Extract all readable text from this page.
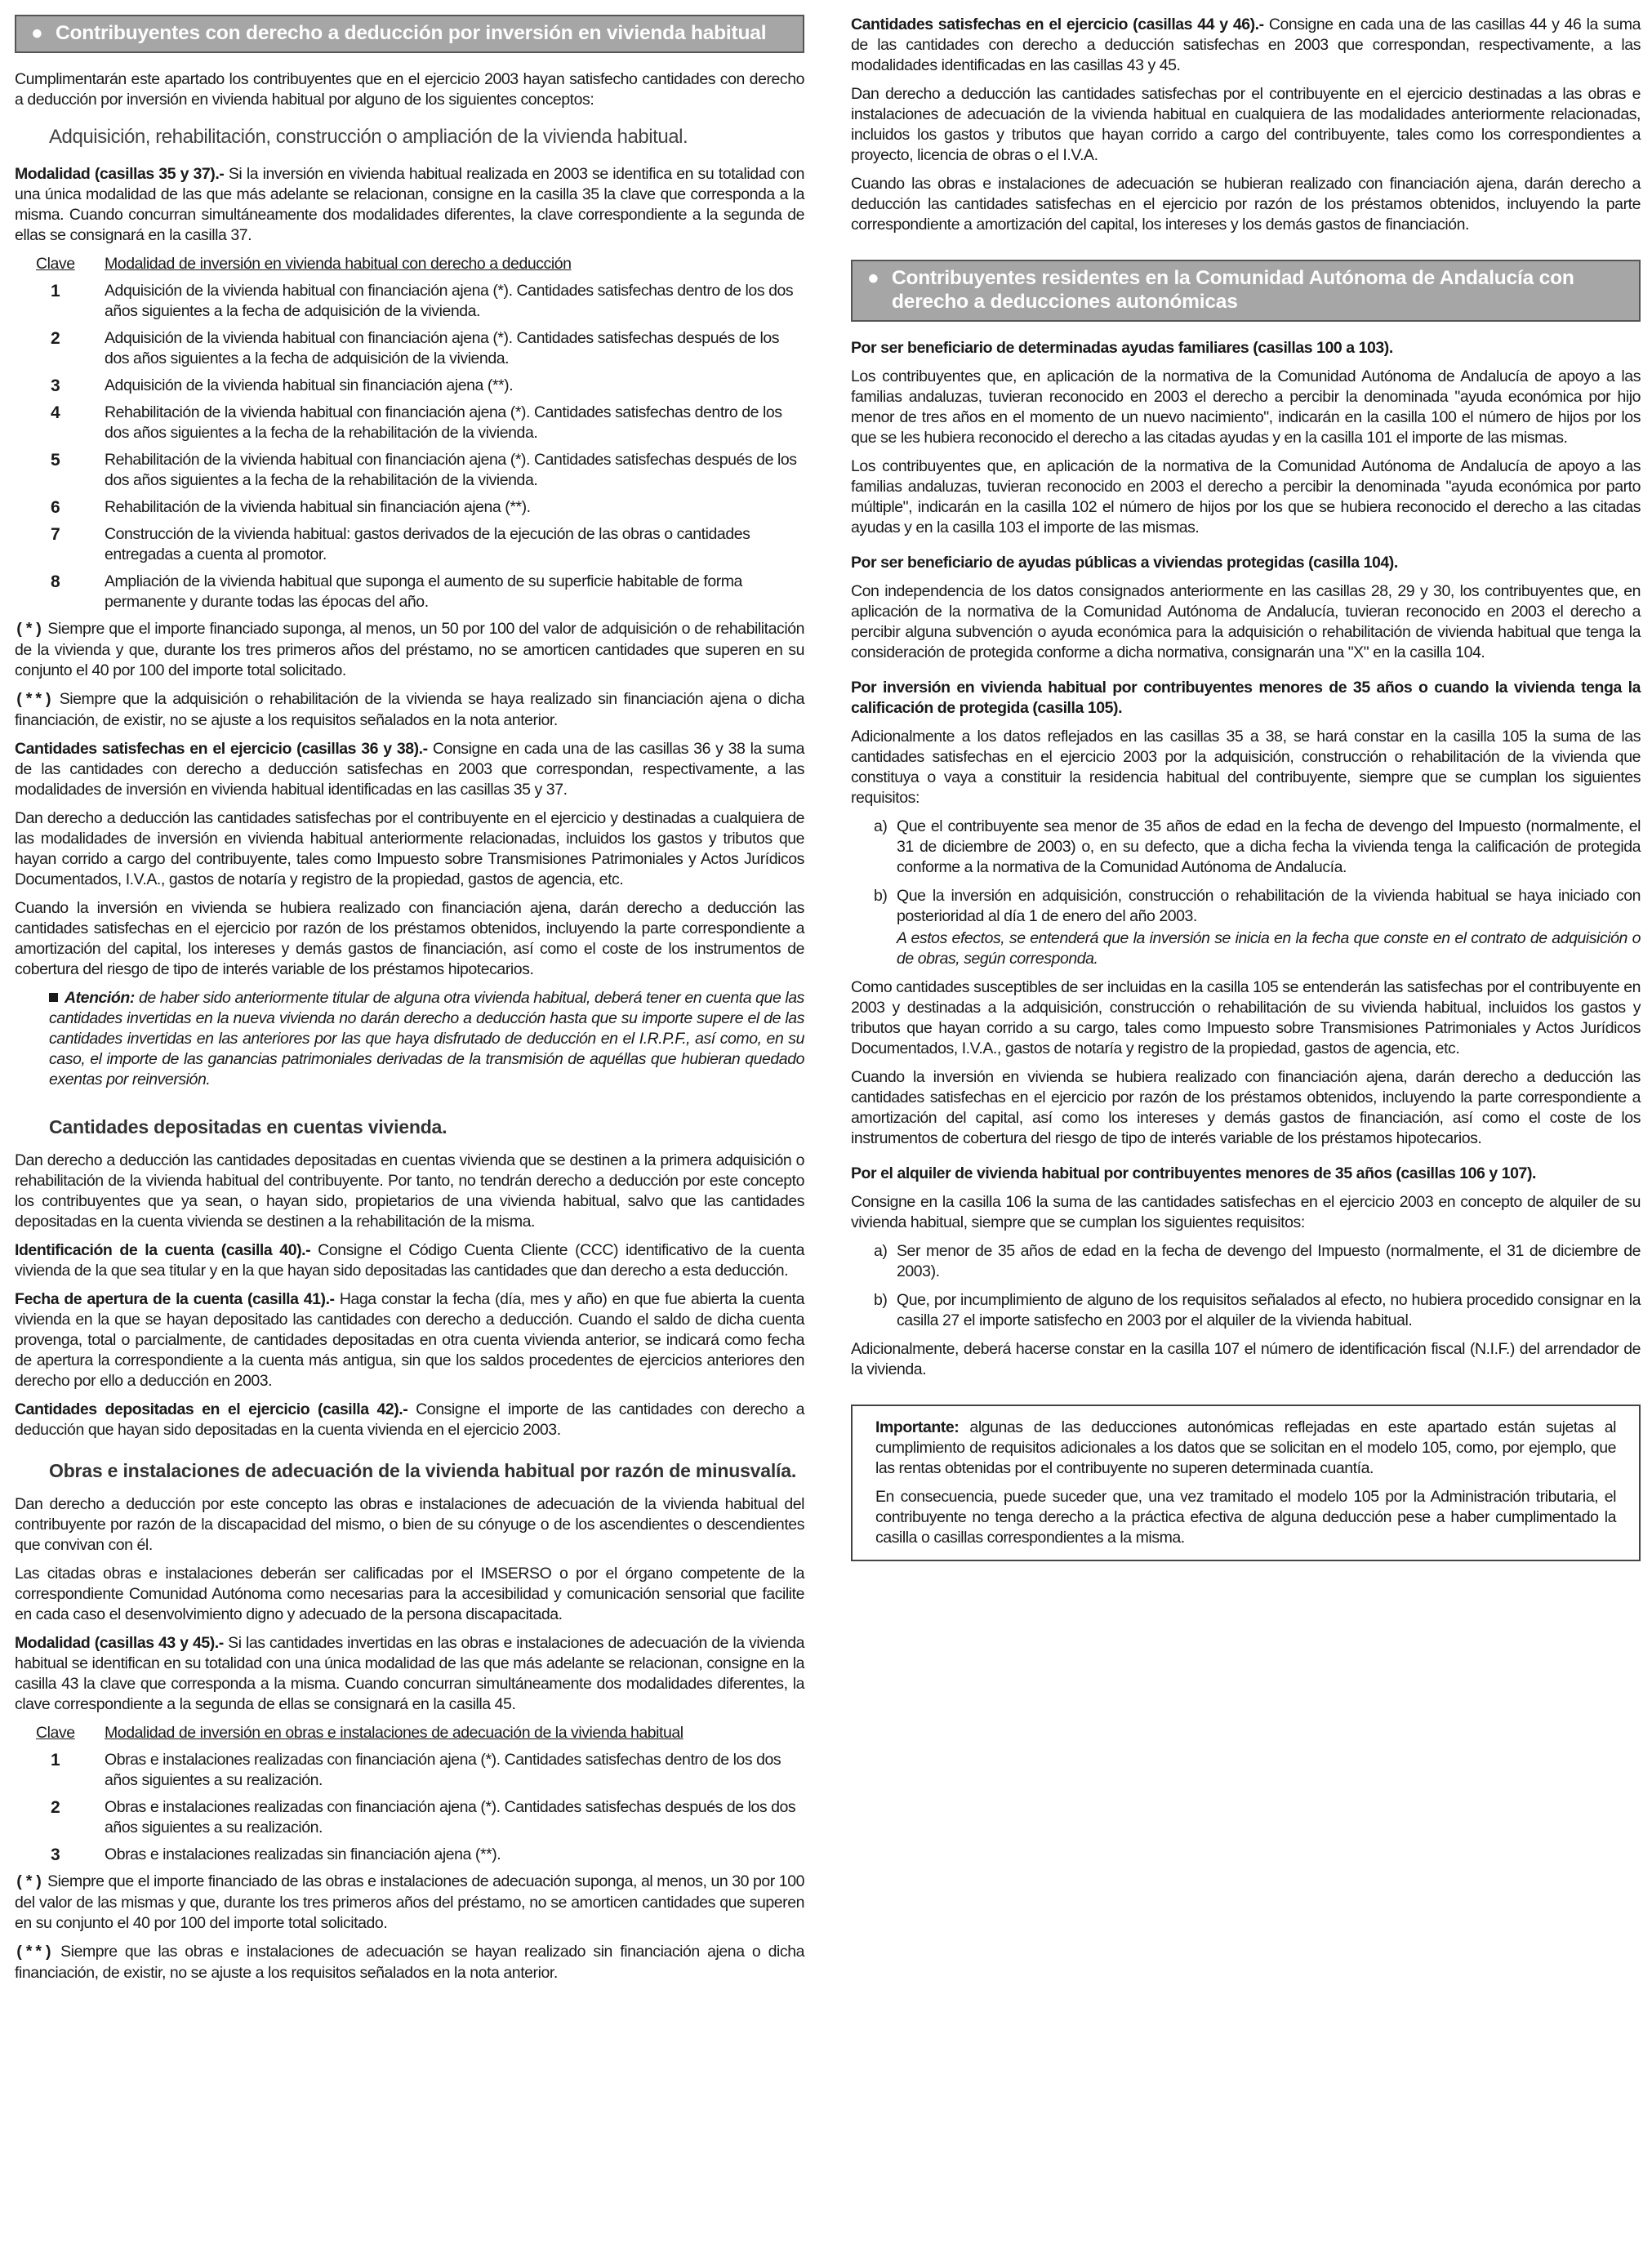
● Contribuyentes con derecho a deducción por inversión en vivienda habitual

Cumplimentarán este apartado los contribuyentes que en el ejercicio 2003 hayan satisfecho cantidades con derecho a deducción por inversión en vivienda habitual por alguno de los siguientes conceptos:

Adquisición, rehabilitación, construcción o ampliación de la vivienda habitual.

Modalidad (casillas 35 y 37).- Si la inversión en vivienda habitual realizada en 2003 se identifica en su totalidad con una única modalidad de las que más adelante se relacionan, consigne en la casilla 35 la clave que corresponda a la misma. Cuando concurran simultáneamente dos modalidades diferentes, la clave correspondiente a la segunda de ellas se consignará en la casilla 37.

Clave	Modalidad de inversión en vivienda habitual con derecho a deducción
1	Adquisición de la vivienda habitual con financiación ajena (*). Cantidades satisfechas dentro de los dos años siguientes a la fecha de adquisición de la vivienda.
2	Adquisición de la vivienda habitual con financiación ajena (*). Cantidades satisfechas después de los dos años siguientes a la fecha de adquisición de la vivienda.
3	Adquisición de la vivienda habitual sin financiación ajena (**).
4	Rehabilitación de la vivienda habitual con financiación ajena (*). Cantidades satisfechas dentro de los dos años siguientes a la fecha de la rehabilitación de la vivienda.
5	Rehabilitación de la vivienda habitual con financiación ajena (*). Cantidades satisfechas después de los dos años siguientes a la fecha de la rehabilitación de la vivienda.
6	Rehabilitación de la vivienda habitual sin financiación ajena (**).
7	Construcción de la vivienda habitual: gastos derivados de la ejecución de las obras o cantidades entregadas a cuenta al promotor.
8	Ampliación de la vivienda habitual que suponga el aumento de su superficie habitable de forma permanente y durante todas las épocas del año.

(*) Siempre que el importe financiado suponga, al menos, un 50 por 100 del valor de adquisición o de rehabilitación de la vivienda y que, durante los tres primeros años del préstamo, no se amorticen cantidades que superen en su conjunto el 40 por 100 del importe total solicitado.

(**) Siempre que la adquisición o rehabilitación de la vivienda se haya realizado sin financiación ajena o dicha financiación, de existir, no se ajuste a los requisitos señalados en la nota anterior.

Cantidades satisfechas en el ejercicio (casillas 36 y 38).- Consigne en cada una de las casillas 36 y 38 la suma de las cantidades con derecho a deducción satisfechas en 2003 que correspondan, respectivamente, a las modalidades de inversión en vivienda habitual identificadas en las casillas 35 y 37.

Dan derecho a deducción las cantidades satisfechas por el contribuyente en el ejercicio y destinadas a cualquiera de las modalidades de inversión en vivienda habitual anteriormente relacionadas, incluidos los gastos y tributos que hayan corrido a cargo del contribuyente, tales como Impuesto sobre Transmisiones Patrimoniales y Actos Jurídicos Documentados, I.V.A., gastos de notaría y registro de la propiedad, gastos de agencia, etc.

Cuando la inversión en vivienda se hubiera realizado con financiación ajena, darán derecho a deducción las cantidades satisfechas en el ejercicio por razón de los préstamos obtenidos, incluyendo la parte correspondiente a amortización del capital, los intereses y demás gastos de financiación, así como el coste de los instrumentos de cobertura del riesgo de tipo de interés variable de los préstamos hipotecarios.

Atención: de haber sido anteriormente titular de alguna otra vivienda habitual, deberá tener en cuenta que las cantidades invertidas en la nueva vivienda no darán derecho a deducción hasta que su importe supere el de las cantidades invertidas en las anteriores por las que haya disfrutado de deducción en el I.R.P.F., así como, en su caso, el importe de las ganancias patrimoniales derivadas de la transmisión de aquéllas que hubieran quedado exentas por reinversión.
Cantidades depositadas en cuentas vivienda.

Dan derecho a deducción las cantidades depositadas en cuentas vivienda que se destinen a la primera adquisición o rehabilitación de la vivienda habitual del contribuyente. Por tanto, no tendrán derecho a deducción por este concepto los contribuyentes que ya sean, o hayan sido, propietarios de una vivienda habitual, salvo que las cantidades depositadas en la cuenta vivienda se destinen a la rehabilitación de la misma.

Identificación de la cuenta (casilla 40).- Consigne el Código Cuenta Cliente (CCC) identificativo de la cuenta vivienda de la que sea titular y en la que hayan sido depositadas las cantidades que dan derecho a esta deducción.

Fecha de apertura de la cuenta (casilla 41).- Haga constar la fecha (día, mes y año) en que fue abierta la cuenta vivienda en la que se hayan depositado las cantidades con derecho a deducción. Cuando el saldo de dicha cuenta provenga, total o parcialmente, de cantidades depositadas en otra cuenta vivienda anterior, se indicará como fecha de apertura la correspondiente a la cuenta más antigua, sin que los saldos procedentes de ejercicios anteriores den derecho por ello a deducción en 2003.

Cantidades depositadas en el ejercicio (casilla 42).- Consigne el importe de las cantidades con derecho a deducción que hayan sido depositadas en la cuenta vivienda en el ejercicio 2003.

Obras e instalaciones de adecuación de la vivienda habitual por razón de minusvalía.

Dan derecho a deducción por este concepto las obras e instalaciones de adecuación de la vivienda habitual del contribuyente por razón de la discapacidad del mismo, o bien de su cónyuge o de los ascendientes o descendientes que convivan con él.

Las citadas obras e instalaciones deberán ser calificadas por el IMSERSO o por el órgano competente de la correspondiente Comunidad Autónoma como necesarias para la accesibilidad y comunicación sensorial que facilite en cada caso el desenvolvimiento digno y adecuado de la persona discapacitada.

Modalidad (casillas 43 y 45).- Si las cantidades invertidas en las obras e instalaciones de adecuación de la vivienda habitual se identifican en su totalidad con una única modalidad de las que más adelante se relacionan, consigne en la casilla 43 la clave que corresponda a la misma. Cuando concurran simultáneamente dos modalidades diferentes, la clave correspondiente a la segunda de ellas se consignará en la casilla 45.

Clave	Modalidad de inversión en obras e instalaciones de adecuación de la vivienda habitual
1	Obras e instalaciones realizadas con financiación ajena (*). Cantidades satisfechas dentro de los dos años siguientes a su realización.
2	Obras e instalaciones realizadas con financiación ajena (*). Cantidades satisfechas después de los dos años siguientes a su realización.
3	Obras e instalaciones realizadas sin financiación ajena (**).

(*) Siempre que el importe financiado de las obras e instalaciones de adecuación suponga, al menos, un 30 por 100 del valor de las mismas y que, durante los tres primeros años del préstamo, no se amorticen cantidades que superen en su conjunto el 40 por 100 del importe total solicitado.

(**) Siempre que las obras e instalaciones de adecuación se hayan realizado sin financiación ajena o dicha financiación, de existir, no se ajuste a los requisitos señalados en la nota anterior.

Cantidades satisfechas en el ejercicio (casillas 44 y 46).- Consigne en cada una de las casillas 44 y 46 la suma de las cantidades con derecho a deducción satisfechas en 2003 que correspondan, respectivamente, a las modalidades identificadas en las casillas 43 y 45.

Dan derecho a deducción las cantidades satisfechas por el contribuyente en el ejercicio destinadas a las obras e instalaciones de adecuación de la vivienda habitual en cualquiera de las modalidades anteriormente relacionadas, incluidos los gastos y tributos que hayan corrido a cargo del contribuyente, tales como los correspondientes a proyecto, licencia de obras o el I.V.A.

Cuando las obras e instalaciones de adecuación se hubieran realizado con financiación ajena, darán derecho a deducción las cantidades satisfechas en el ejercicio por razón de los préstamos obtenidos, incluyendo la parte correspondiente a amortización del capital, los intereses y los demás gastos de financiación.

● Contribuyentes residentes en la Comunidad Autónoma de Andalucía con derecho a deducciones autonómicas

Por ser beneficiario de determinadas ayudas familiares (casillas 100 a 103).

Los contribuyentes que, en aplicación de la normativa de la Comunidad Autónoma de Andalucía de apoyo a las familias andaluzas, tuvieran reconocido en 2003 el derecho a percibir la denominada "ayuda económica por hijo menor de tres años en el momento de un nuevo nacimiento", indicarán en la casilla 100 el número de hijos por los que se les hubiera reconocido el derecho a las citadas ayudas y en la casilla 101 el importe de las mismas.

Los contribuyentes que, en aplicación de la normativa de la Comunidad Autónoma de Andalucía de apoyo a las familias andaluzas, tuvieran reconocido en 2003 el derecho a percibir la denominada "ayuda económica por parto múltiple", indicarán en la casilla 102 el número de hijos por los que se hubiera reconocido el derecho a las citadas ayudas y en la casilla 103 el importe de las mismas.

Por ser beneficiario de ayudas públicas a viviendas protegidas (casilla 104).

Con independencia de los datos consignados anteriormente en las casillas 28, 29 y 30, los contribuyentes que, en aplicación de la normativa de la Comunidad Autónoma de Andalucía, tuvieran reconocido en 2003 el derecho a percibir alguna subvención o ayuda económica para la adquisición o rehabilitación de vivienda habitual que tenga la consideración de protegida conforme a dicha normativa, consignarán una "X" en la casilla 104.

Por inversión en vivienda habitual por contribuyentes menores de 35 años o cuando la vivienda tenga la calificación de protegida (casilla 105).

Adicionalmente a los datos reflejados en las casillas 35 a 38, se hará constar en la casilla 105 la suma de las cantidades satisfechas en el ejercicio 2003 por la adquisición, construcción o rehabilitación de la vivienda que constituya o vaya a constituir la residencia habitual del contribuyente, siempre que se cumplan los siguientes requisitos:

a) Que el contribuyente sea menor de 35 años de edad en la fecha de devengo del Impuesto (normalmente, el 31 de diciembre de 2003) o, en su defecto, que a dicha fecha la vivienda tenga la calificación de protegida conforme a la normativa de la Comunidad Autónoma de Andalucía.
b) Que la inversión en adquisición, construcción o rehabilitación de la vivienda habitual se haya iniciado con posterioridad al día 1 de enero del año 2003.
A estos efectos, se entenderá que la inversión se inicia en la fecha que conste en el contrato de adquisición o de obras, según corresponda.

Como cantidades susceptibles de ser incluidas en la casilla 105 se entenderán las satisfechas por el contribuyente en 2003 y destinadas a la adquisición, construcción o rehabilitación de su vivienda habitual, incluidos los gastos y tributos que hayan corrido a su cargo, tales como Impuesto sobre Transmisiones Patrimoniales y Actos Jurídicos Documentados, I.V.A., gastos de notaría y registro de la propiedad, gastos de agencia, etc.

Cuando la inversión en vivienda se hubiera realizado con financiación ajena, darán derecho a deducción las cantidades satisfechas en el ejercicio por razón de los préstamos obtenidos, incluyendo la parte correspondiente a amortización del capital, así como los intereses y demás gastos de financiación, así como el coste de los instrumentos de cobertura del riesgo de tipo de interés variable de los préstamos hipotecarios.

Por el alquiler de vivienda habitual por contribuyentes menores de 35 años (casillas 106 y 107).

Consigne en la casilla 106 la suma de las cantidades satisfechas en el ejercicio 2003 en concepto de alquiler de su vivienda habitual, siempre que se cumplan los siguientes requisitos:

a) Ser menor de 35 años de edad en la fecha de devengo del Impuesto (normalmente, el 31 de diciembre de 2003).
b) Que, por incumplimiento de alguno de los requisitos señalados al efecto, no hubiera procedido consignar en la casilla 27 el importe satisfecho en 2003 por el alquiler de la vivienda habitual.

Adicionalmente, deberá hacerse constar en la casilla 107 el número de identificación fiscal (N.I.F.) del arrendador de la vivienda.

Importante: algunas de las deducciones autonómicas reflejadas en este apartado están sujetas al cumplimiento de requisitos adicionales a los datos que se solicitan en el modelo 105, como, por ejemplo, que las rentas obtenidas por el contribuyente no superen determinada cuantía.

En consecuencia, puede suceder que, una vez tramitado el modelo 105 por la Administración tributaria, el contribuyente no tenga derecho a la práctica efectiva de alguna deducción pese a haber cumplimentado la casilla o casillas correspondientes a la misma.
